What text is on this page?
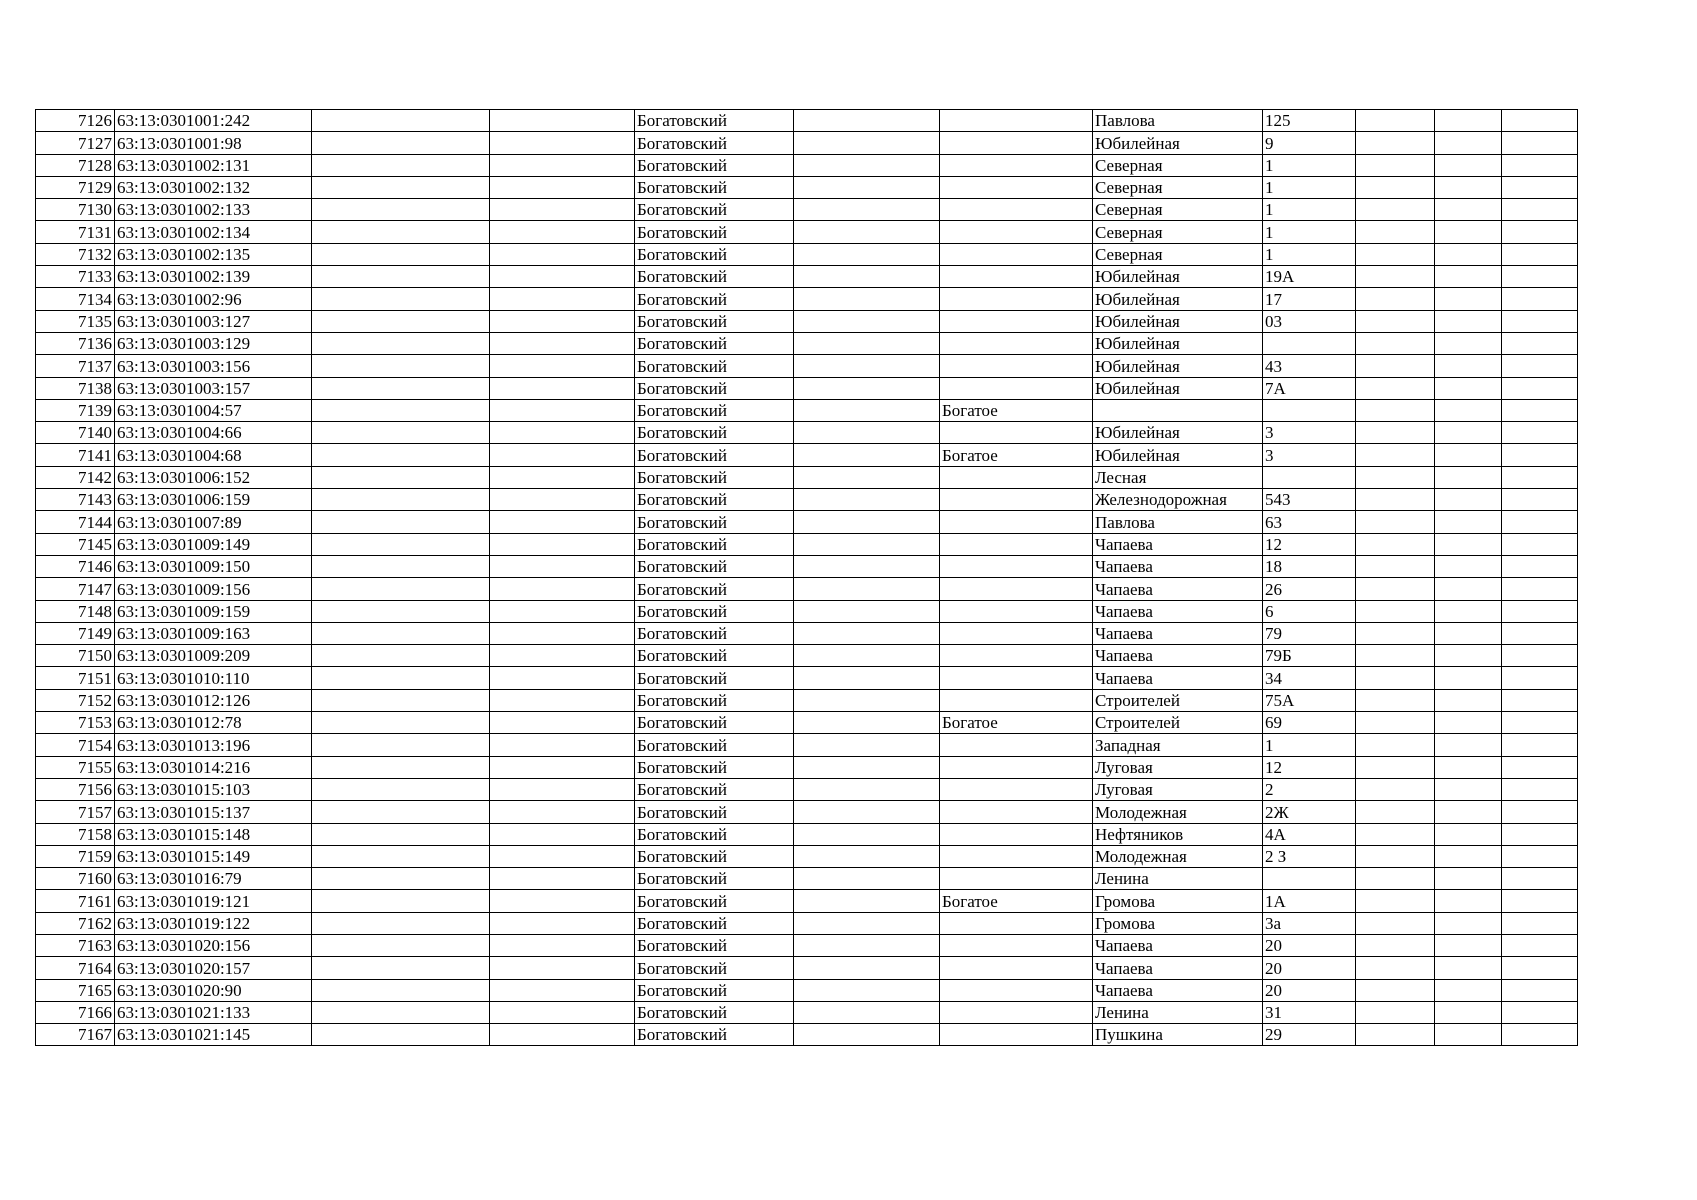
7126	63:13:0301001:242			Богатовский			Павлова	125			
7127	63:13:0301001:98			Богатовский			Юбилейная	9			
7128	63:13:0301002:131			Богатовский			Северная	1			
7129	63:13:0301002:132			Богатовский			Северная	1			
7130	63:13:0301002:133			Богатовский			Северная	1			
7131	63:13:0301002:134			Богатовский			Северная	1			
7132	63:13:0301002:135			Богатовский			Северная	1			
7133	63:13:0301002:139			Богатовский			Юбилейная	19А			
7134	63:13:0301002:96			Богатовский			Юбилейная	17			
7135	63:13:0301003:127			Богатовский			Юбилейная	03			
7136	63:13:0301003:129			Богатовский			Юбилейная				
7137	63:13:0301003:156			Богатовский			Юбилейная	43			
7138	63:13:0301003:157			Богатовский			Юбилейная	7А			
7139	63:13:0301004:57			Богатовский		Богатое					
7140	63:13:0301004:66			Богатовский			Юбилейная	3			
7141	63:13:0301004:68			Богатовский		Богатое	Юбилейная	3			
7142	63:13:0301006:152			Богатовский			Лесная				
7143	63:13:0301006:159			Богатовский			Железнодорожная	543			
7144	63:13:0301007:89			Богатовский			Павлова	63			
7145	63:13:0301009:149			Богатовский			Чапаева	12			
7146	63:13:0301009:150			Богатовский			Чапаева	18			
7147	63:13:0301009:156			Богатовский			Чапаева	26			
7148	63:13:0301009:159			Богатовский			Чапаева	6			
7149	63:13:0301009:163			Богатовский			Чапаева	79			
7150	63:13:0301009:209			Богатовский			Чапаева	79Б			
7151	63:13:0301010:110			Богатовский			Чапаева	34			
7152	63:13:0301012:126			Богатовский			Строителей	75А			
7153	63:13:0301012:78			Богатовский		Богатое	Строителей	69			
7154	63:13:0301013:196			Богатовский			Западная	1			
7155	63:13:0301014:216			Богатовский			Луговая	12			
7156	63:13:0301015:103			Богатовский			Луговая	2			
7157	63:13:0301015:137			Богатовский			Молодежная	2Ж			
7158	63:13:0301015:148			Богатовский			Нефтяников	4А			
7159	63:13:0301015:149			Богатовский			Молодежная	2 З			
7160	63:13:0301016:79			Богатовский			Ленина				
7161	63:13:0301019:121			Богатовский		Богатое	Громова	1А			
7162	63:13:0301019:122			Богатовский			Громова	3а			
7163	63:13:0301020:156			Богатовский			Чапаева	20			
7164	63:13:0301020:157			Богатовский			Чапаева	20			
7165	63:13:0301020:90			Богатовский			Чапаева	20			
7166	63:13:0301021:133			Богатовский			Ленина	31			
7167	63:13:0301021:145			Богатовский			Пушкина	29			
